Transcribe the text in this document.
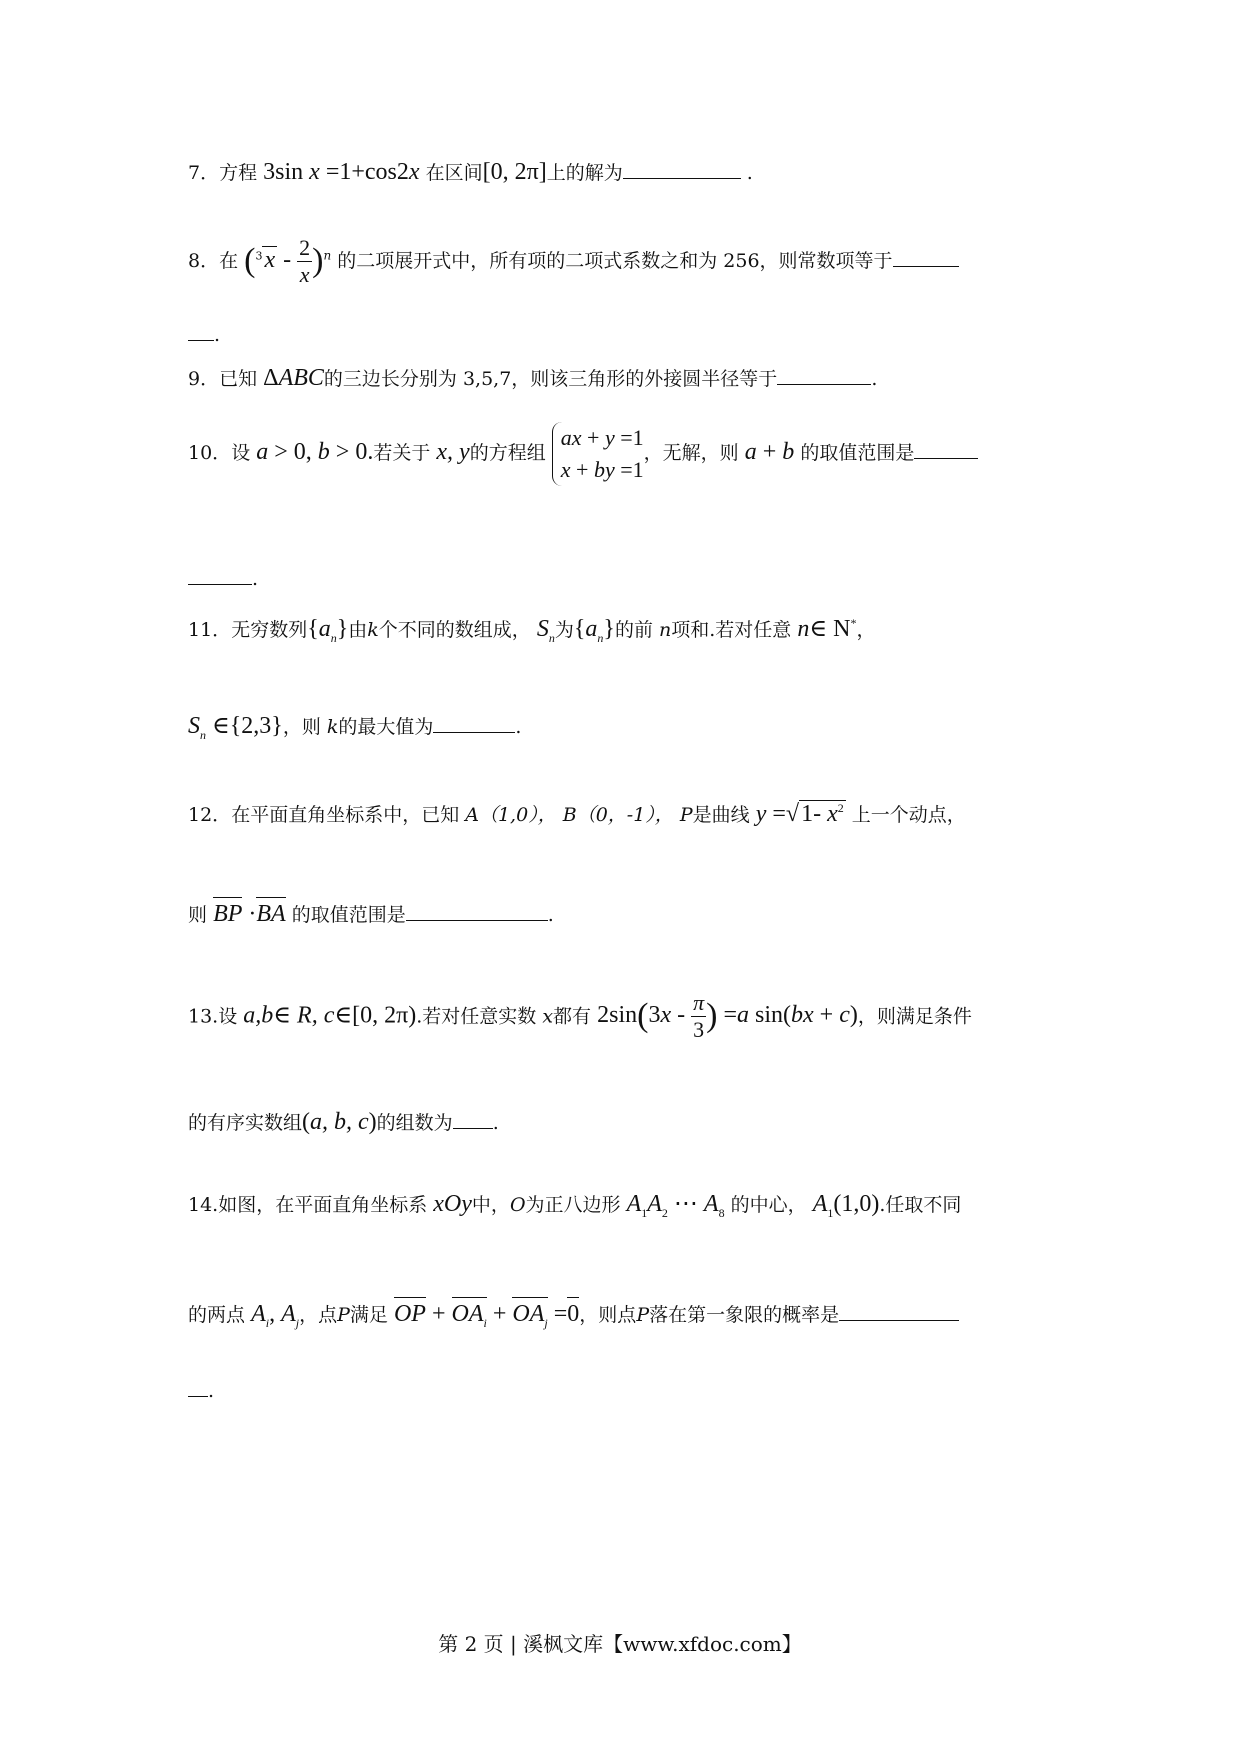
7．方程 3sin x =1+cos2x 在区间[0, 2π]上的解为	.
8．在 $(^3x - \frac{2}{x} )^n$ 的二项展开式中，所有项的二项式系数之和为 256，则常数项等于
.
9．已知 ΔABC的三边长分别为 3,5,7，则该三角形的外接圆半径等于	.
10．设 a > 0, b > 0.若关于 x, y的方程组
ax + y =1
x + by =1
，无解，则 a + b 的取值范围是
.
11．无穷数列$\{a_n\}$由k个不同的数组成， $S_n$为$\{a_n\}$的前 n项和.若对任意 n∈ N*，
$S_n$ ∈{2,3}，则 k的最大值为	.
12．在平面直角坐标系中，已知 A（1,0）， B（0，-1）， P是曲线 y =√1- $x^2$ 上一个动点，
则 BP ·BA 的取值范围是	.
13.设 a,b∈ R, c∈[0, 2π).若对任意实数 x都有 $2\sin(3x - \frac{\pi}{3}$ ) =a sin(bx + c)，则满足条件
的有序实数组(a, b, c)的组数为 .
14.如图，在平面直角坐标系 xOy中，O为正八边形 $A_1A_2$ ⋯ $A_8$ 的中心， $A_1(1,0)$.任取不同
的两点 $A_i$, $A_j$，点P满足 OP + $OA_i + OA_j =0$，则点P落在第一象限的概率是
.
第 2 页 | 溪枫文库【www.xfdoc.com】
